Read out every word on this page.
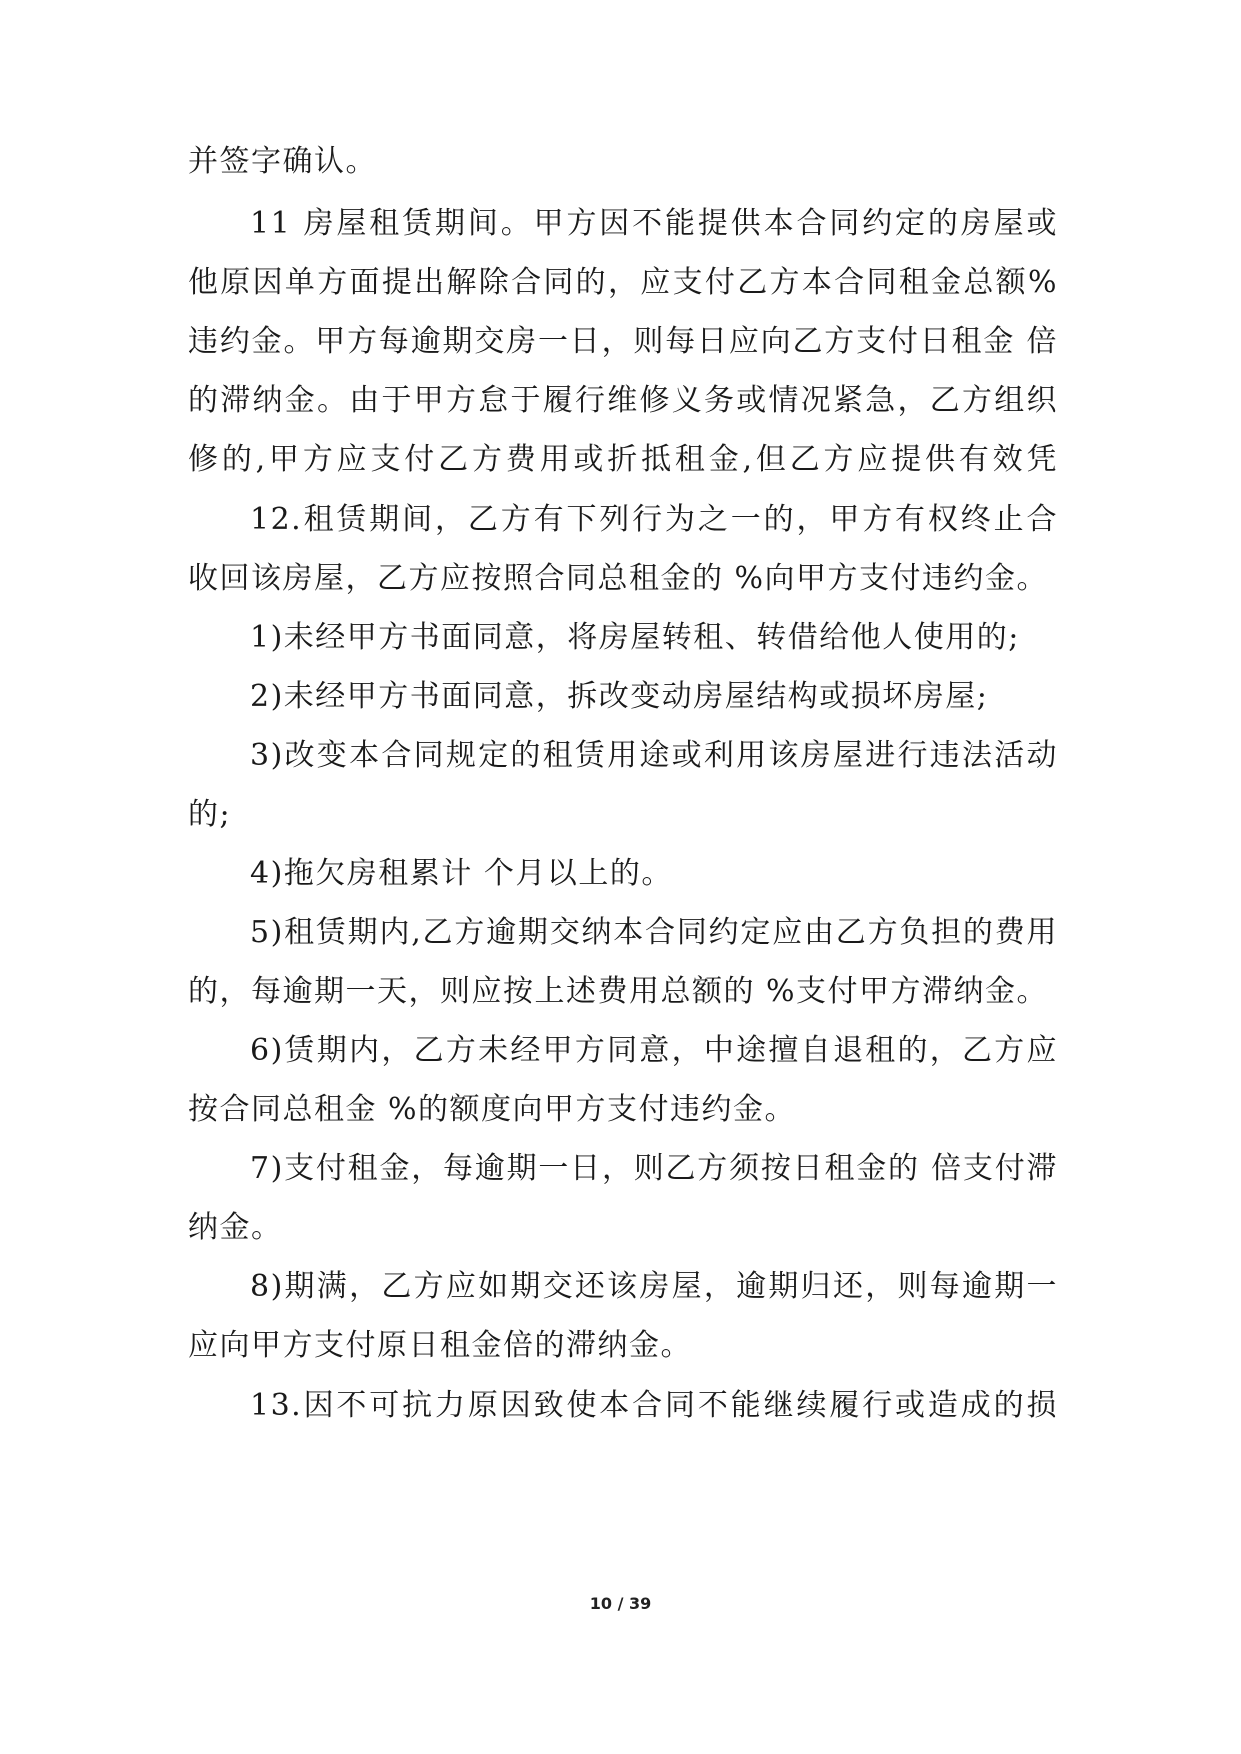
并签字确认。
11 房屋租赁期间。甲方因不能提供本合同约定的房屋或
他原因单方面提出解除合同的，应支付乙方本合同租金总额%
违约金。甲方每逾期交房一日，则每日应向乙方支付日租金 倍
的滞纳金。由于甲方怠于履行维修义务或情况紧急，乙方组织
修的,甲方应支付乙方费用或折抵租金,但乙方应提供有效凭
12.租赁期间，乙方有下列行为之一的，甲方有权终止合
收回该房屋，乙方应按照合同总租金的 %向甲方支付违约金。
1)未经甲方书面同意，将房屋转租、转借给他人使用的;
2)未经甲方书面同意，拆改变动房屋结构或损坏房屋;
3)改变本合同规定的租赁用途或利用该房屋进行违法活动
的;
4)拖欠房租累计 个月以上的。
5)租赁期内,乙方逾期交纳本合同约定应由乙方负担的费用
的，每逾期一天，则应按上述费用总额的 %支付甲方滞纳金。
6)赁期内，乙方未经甲方同意，中途擅自退租的，乙方应
按合同总租金 %的额度向甲方支付违约金。
7)支付租金，每逾期一日，则乙方须按日租金的 倍支付滞
纳金。
8)期满，乙方应如期交还该房屋，逾期归还，则每逾期一
应向甲方支付原日租金倍的滞纳金。
13.因不可抗力原因致使本合同不能继续履行或造成的损
10 / 39
